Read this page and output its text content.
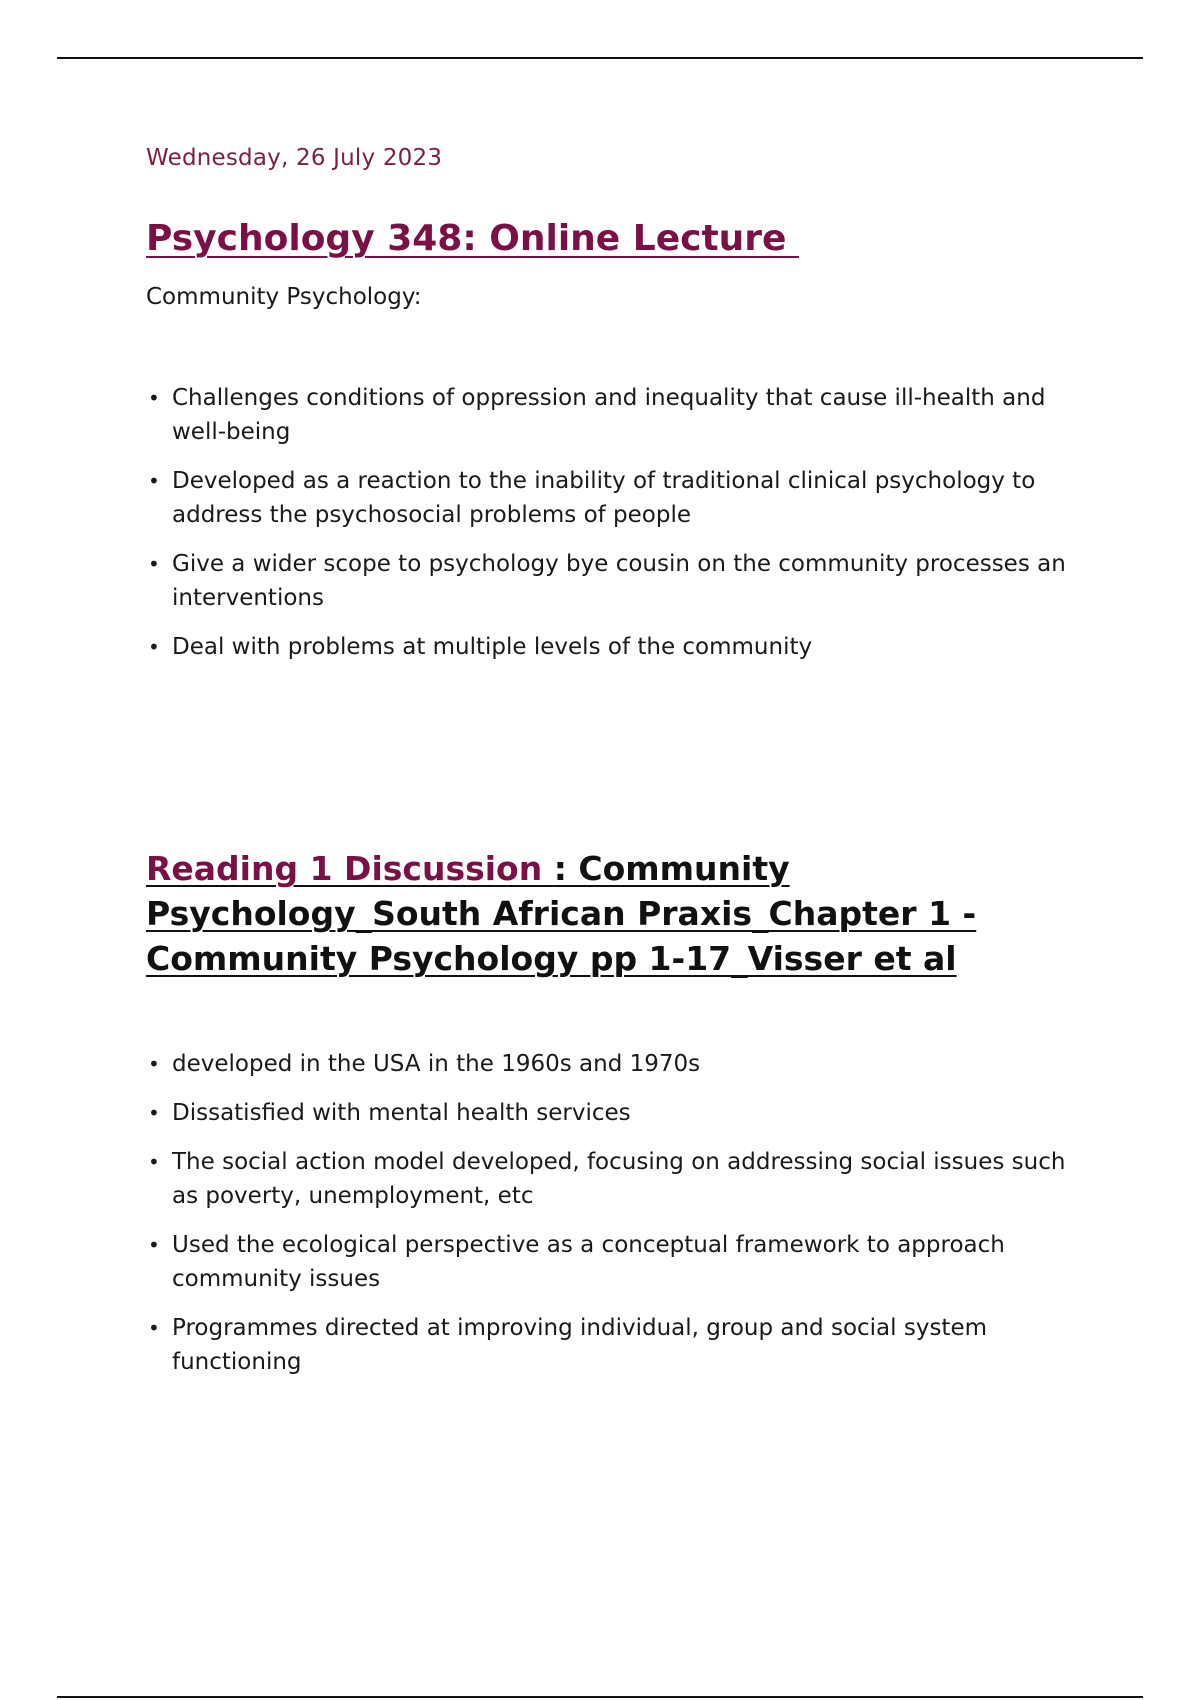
Wednesday, 26 July 2023
Psychology 348: Online Lecture
Community Psychology:
• Challenges conditions of oppression and inequality that cause ill-health and well-being
• Developed as a reaction to the inability of traditional clinical psychology to address the psychosocial problems of people
• Give a wider scope to psychology bye cousin on the community processes an interventions
• Deal with problems at multiple levels of the community
Reading 1 Discussion : Community Psychology_South African Praxis_Chapter 1 - Community Psychology pp 1-17_Visser et al
• developed in the USA in the 1960s and 1970s
• Dissatisfied with mental health services
• The social action model developed, focusing on addressing social issues such as poverty, unemployment, etc
• Used the ecological perspective as a conceptual framework to approach community issues
• Programmes directed at improving individual, group and social system functioning
